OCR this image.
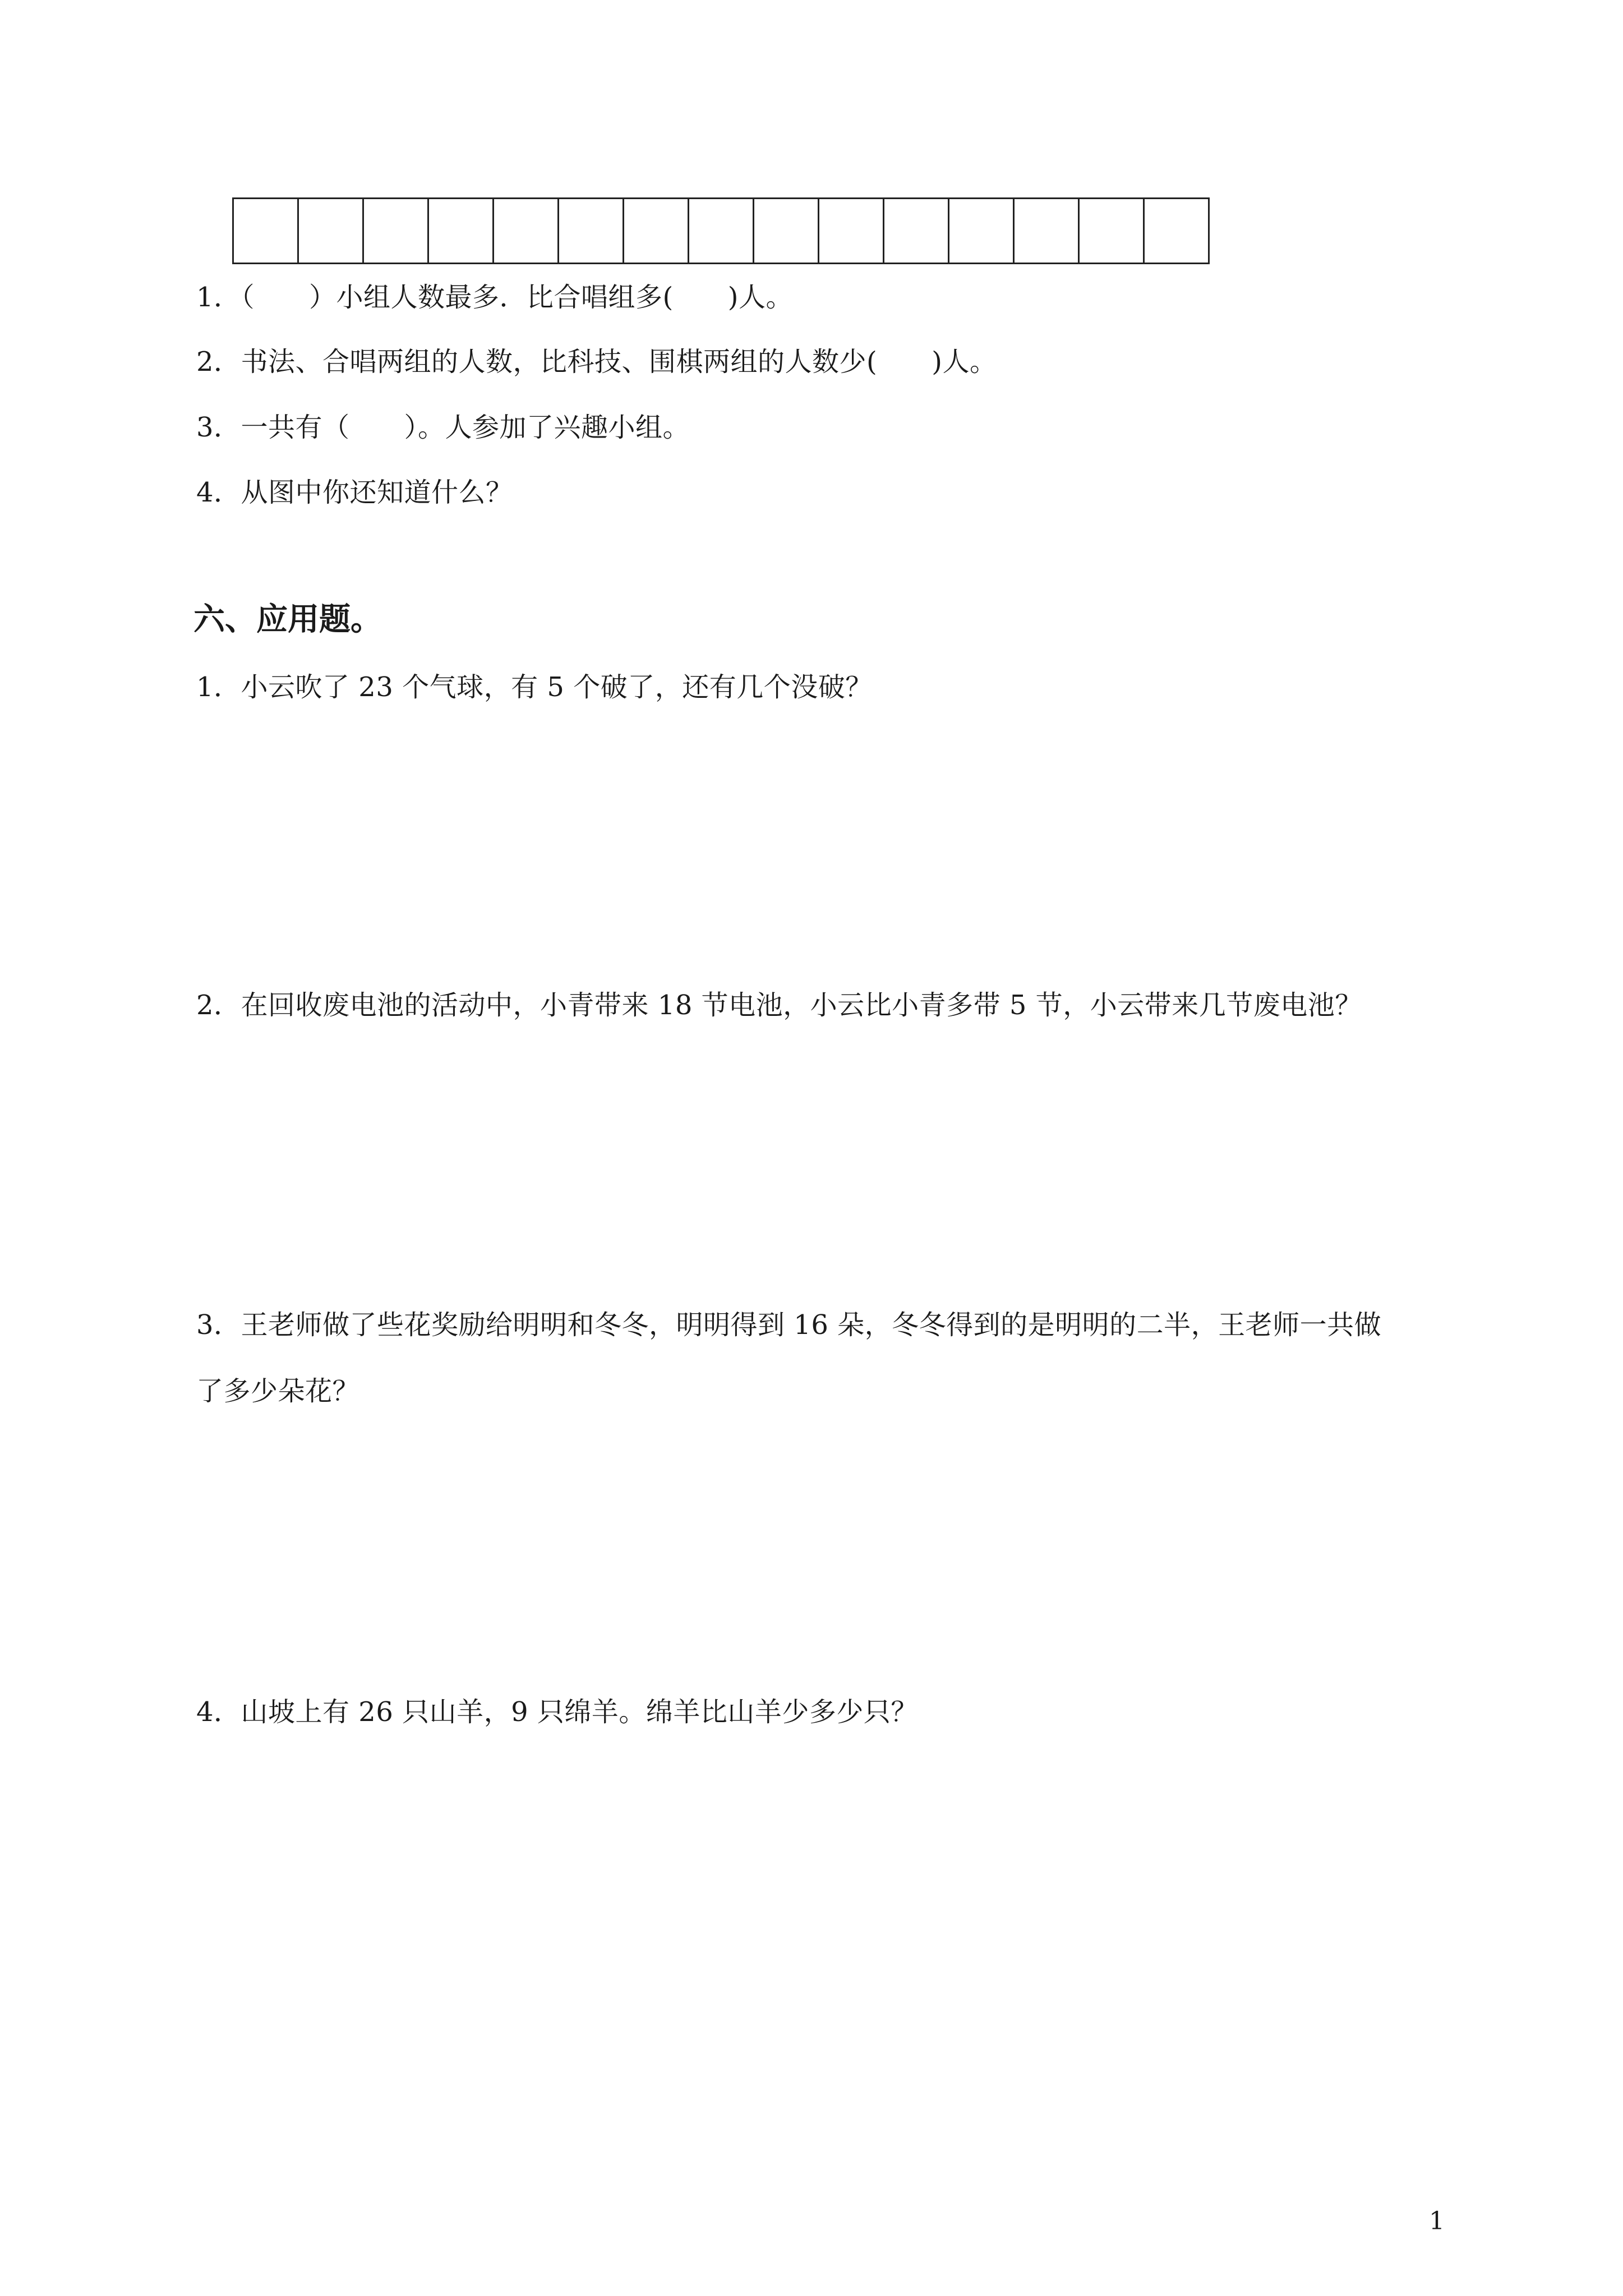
1．（　　）小组人数最多．比合唱组多(　　)人。
2．书法、合唱两组的人数，比科技、围棋两组的人数少(　　)人。
3．一共有（　　）。人参加了兴趣小组。
4．从图中你还知道什么？
六、应用题。
1．小云吹了 23 个气球，有 5 个破了，还有几个没破？
2．在回收废电池的活动中，小青带来 18 节电池，小云比小青多带 5 节，小云带来几节废电池？
3．王老师做了些花奖励给明明和冬冬，明明得到 16 朵，冬冬得到的是明明的二半，王老师一共做
了多少朵花？
4．山坡上有 26 只山羊，9 只绵羊。绵羊比山羊少多少只？
1
